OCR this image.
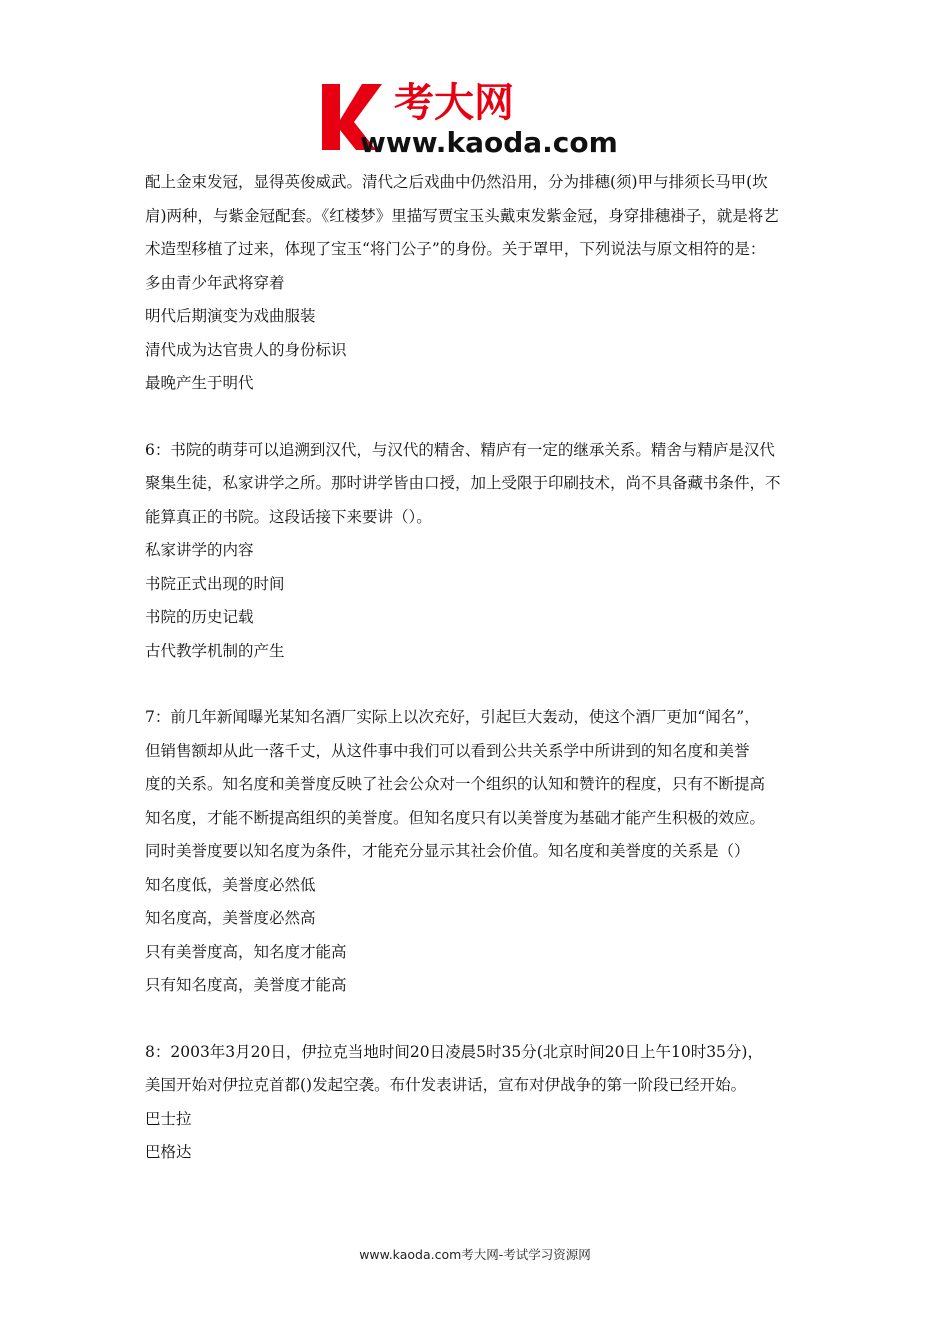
考大网
www.kaoda.com
配上金束发冠，显得英俊威武。清代之后戏曲中仍然沿用，分为排穗(须)甲与排须长马甲(坎
肩)两种，与紫金冠配套。《红楼梦》里描写贾宝玉头戴束发紫金冠，身穿排穗褂子，就是将艺
术造型移植了过来，体现了宝玉“将门公子”的身份。关于罩甲，下列说法与原文相符的是：
多由青少年武将穿着
明代后期演变为戏曲服装
清代成为达官贵人的身份标识
最晚产生于明代
6：书院的萌芽可以追溯到汉代，与汉代的精舍、精庐有一定的继承关系。精舍与精庐是汉代
聚集生徒，私家讲学之所。那时讲学皆由口授，加上受限于印刷技术，尚不具备藏书条件，不
能算真正的书院。这段话接下来要讲（）。
私家讲学的内容
书院正式出现的时间
书院的历史记载
古代教学机制的产生
7：前几年新闻曝光某知名酒厂实际上以次充好，引起巨大轰动，使这个酒厂更加“闻名”，
但销售额却从此一落千丈，从这件事中我们可以看到公共关系学中所讲到的知名度和美誉
度的关系。知名度和美誉度反映了社会公众对一个组织的认知和赞许的程度，只有不断提高
知名度，才能不断提高组织的美誉度。但知名度只有以美誉度为基础才能产生积极的效应。
同时美誉度要以知名度为条件，才能充分显示其社会价值。知名度和美誉度的关系是（）
知名度低，美誉度必然低
知名度高，美誉度必然高
只有美誉度高，知名度才能高
只有知名度高，美誉度才能高
8：2003年3月20日，伊拉克当地时间20日凌晨5时35分(北京时间20日上午10时35分)，
美国开始对伊拉克首都()发起空袭。布什发表讲话，宣布对伊战争的第一阶段已经开始。
巴士拉
巴格达
www.kaoda.com考大网-考试学习资源网
